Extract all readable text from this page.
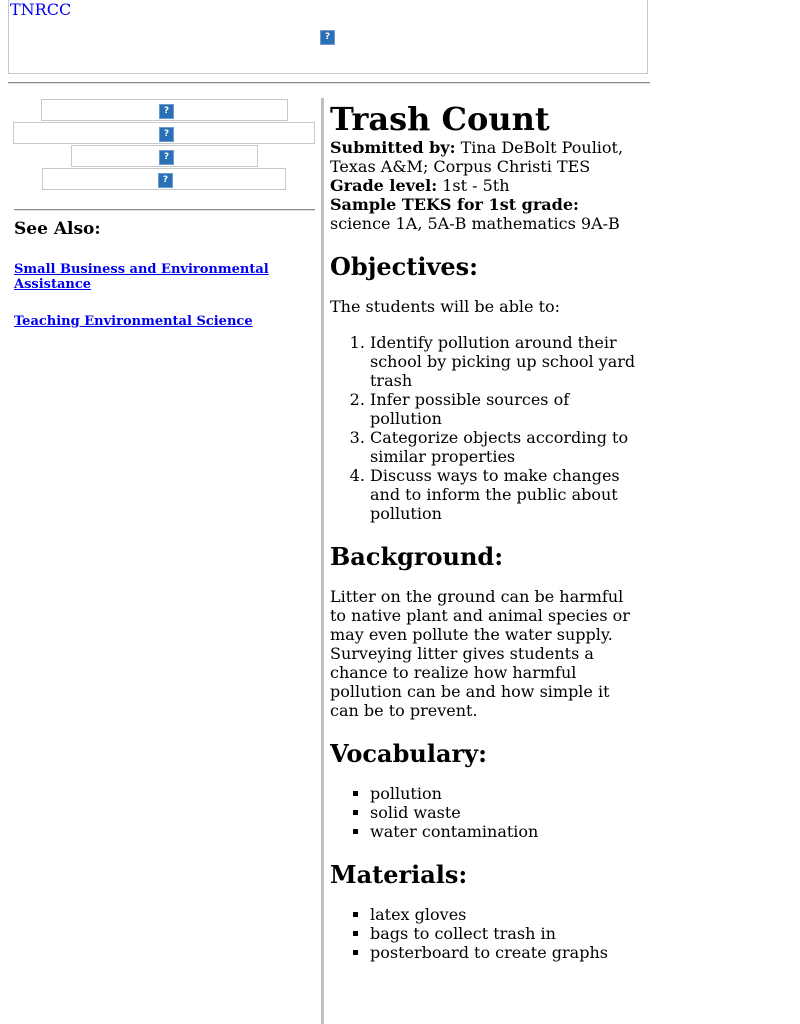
TNRCC
?
?
?
?
?
See Also:
Small Business and Environmental Assistance
Teaching Environmental Science
Trash Count

Submitted by: Tina DeBolt Pouliot, Texas A&M; Corpus Christi TES

Grade level: 1st - 5th

Sample TEKS for 1st grade: science 1A, 5A-B mathematics 9A-B

Objectives:

The students will be able to:

1. Identify pollution around their school by picking up school yard trash
2. Infer possible sources of pollution
3. Categorize objects according to similar properties
4. Discuss ways to make changes and to inform the public about pollution
Background:

Litter on the ground can be harmful to native plant and animal species or may even pollute the water supply. Surveying litter gives students a chance to realize how harmful pollution can be and how simple it can be to prevent.

Vocabulary:
▪ pollution
▪ solid waste
▪ water contamination
Materials:
▪ latex gloves
▪ bags to collect trash in
▪ posterboard to create graphs
